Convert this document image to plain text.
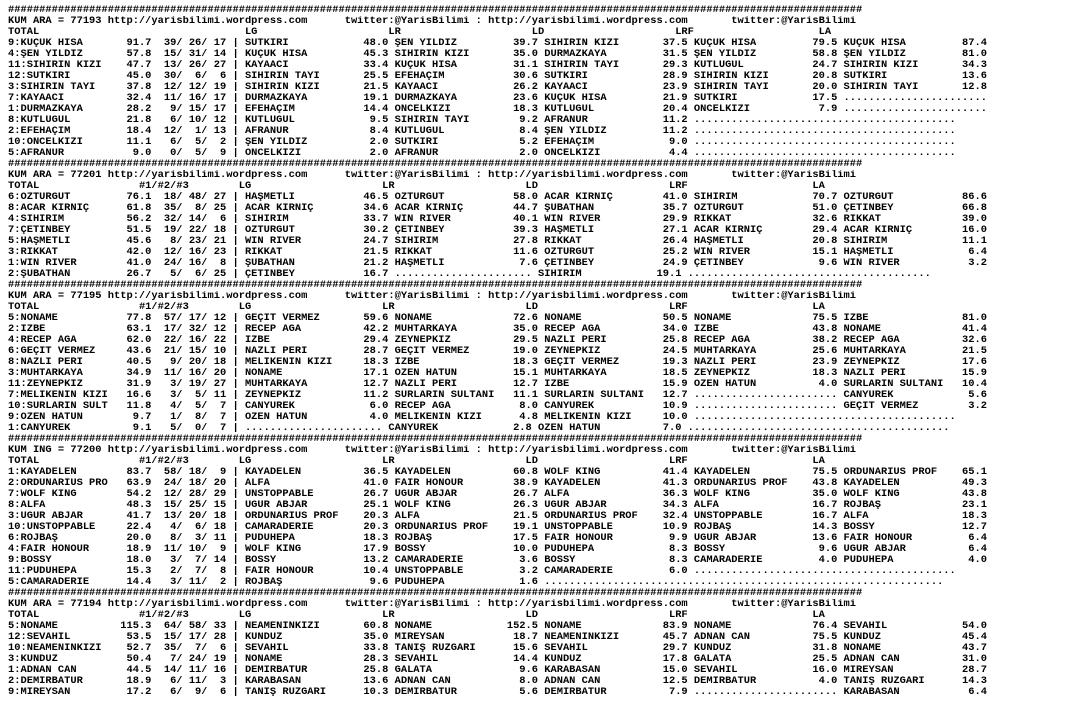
#########################################################################################################################################
KUM ARA = 77193 http://yarisbilimi.wordpress.com      twitter:@YarisBilimi : http://yarisbilimi.wordpress.com       twitter:@YarisBilimi
TOTAL                                 LG                     LR                     LD                     LRF                    LA
9:KÜÇÜK HISA       91.7  39/ 26/ 17 | SÜTKIRI            48.0 ŞEN YILDIZ         39.7 SİHİRİN KIZI       37.5 KÜÇÜK HISA         79.5 KÜÇÜK HISA         87.4
4:ŞEN YILDIZ       57.8  15/ 31/ 14 | KÜÇÜK HISA         45.3 SİHİRİN KIZI       35.0 DURMAZKAYA         31.5 ŞEN YILDIZ         58.8 ŞEN YILDIZ         81.0
11:SİHİRİN KIZI    47.7  13/ 26/ 27 | KAYAACI            33.4 KÜÇÜK HISA         31.1 SİHİRİN TAYI       29.3 KUTLUGÜL           24.7 SİHİRİN KIZI       34.3
12:SÜTKIRI         45.0  30/  6/  6 | SİHİRİN TAYI       25.5 EFEHAÇIM           30.6 SÜTKIRI            28.9 SİHİRİN KIZI       20.8 SÜTKIRI            13.6
3:SİHİRİN TAYI     37.8  12/ 12/ 19 | SİHİRİN KIZI       21.5 KAYAACI            26.2 KAYAACI            23.9 SİHİRİN TAYI       20.0 SİHİRİN TAYI       12.8
7:KAYAACI          32.4  11/ 16/ 17 | DURMAZKAYA         19.1 DURMAZKAYA         23.6 KÜÇÜK HISA         21.9 SÜTKIRI            17.5 .......................
1:DURMAZKAYA       28.2   9/ 15/ 17 | EFEHAÇIM           14.4 ÖNCELKIZI          18.3 KUTLUGÜL           20.4 ÖNCELKIZI           7.9 .......................
8:KUTLUGÜL         21.8   6/ 10/ 12 | KUTLUGÜL            9.5 SİHİRİN TAYI        9.2 AFRANUR            11.2 ..........................................
2:EFEHAÇIM         18.4  12/  1/ 13 | AFRANUR             8.4 KUTLUGÜL            8.4 ŞEN YILDIZ         11.2 ..........................................
10:ÖNCELKIZI       11.1   6/  5/  2 | ŞEN YILDIZ          2.0 SÜTKIRI             5.2 EFEHAÇIM            9.0 ..........................................
5:AFRANUR           9.0   0/  5/  9 | ÖNCELKIZI           2.0 AFRANUR             2.0 ÖNCELKIZI           4.4 ..........................................
#########################################################################################################################################
KUM ARA = 77201 http://yarisbilimi.wordpress.com      twitter:@YarisBilimi : http://yarisbilimi.wordpress.com       twitter:@YarisBilimi
TOTAL                #1/#2/#3        LG                     LR                     LD                     LRF                    LA
6:ÖZTURGUT         76.1  18/ 48/ 27 | HAŞMETLİ           46.5 ÖZTURGUT           58.0 ACAR KIRNIÇ        41.0 SİHİRİM            70.7 ÖZTURGUT           86.6
8:ACAR KIRNIÇ      61.8  35/  8/ 25 | ACAR KIRNIÇ        34.6 ACAR KIRNIÇ        44.7 ŞUBATHAN           35.7 ÖZTURGUT           51.0 ÇETİNBEY           66.8
4:SİHİRİM          56.2  32/ 14/  6 | SİHİRİM            33.7 WIN RIVER          40.1 WIN RIVER          29.9 RİKKAT             32.6 RİKKAT             39.0
7:ÇETİNBEY         51.5  19/ 22/ 18 | ÖZTURGUT           30.2 ÇETİNBEY           39.3 HAŞMETLİ           27.1 ACAR KIRNIÇ        29.4 ACAR KIRNIÇ        16.0
5:HAŞMETLİ         45.6   8/ 23/ 21 | WIN RIVER          24.7 SİHİRİM            27.8 RİKKAT             26.4 HAŞMETLİ           20.8 SİHİRİM            11.1
3:RİKKAT           42.0  12/ 16/ 23 | RİKKAT             21.5 RİKKAT             11.6 ÖZTURGUT           25.2 WIN RIVER          15.1 HAŞMETLİ            6.4
1:WIN RIVER        41.0  24/ 16/  8 | ŞUBATHAN           21.2 HAŞMETLİ            7.6 ÇETİNBEY           24.9 ÇETİNBEY            9.6 WIN RIVER           3.2
2:ŞUBATHAN         26.7   5/  6/ 25 | ÇETİNBEY           16.7 ...................... SİHİRİM            19.1 .......................................
#########################################################################################################################################
KUM ARA = 77195 http://yarisbilimi.wordpress.com      twitter:@YarisBilimi : http://yarisbilimi.wordpress.com       twitter:@YarisBilimi
TOTAL                #1/#2/#3        LG                     LR                     LD                     LRF                    LA
5:NONAME           77.8  57/ 17/ 12 | GEÇİT VERMEZ       59.6 NONAME             72.6 NONAME             50.5 NONAME             75.5 İZBE               81.0
2:İZBE             63.1  17/ 32/ 12 | RECEP AĞA          42.2 MUHTARKAYA         35.0 RECEP AĞA          34.0 İZBE               43.8 NONAME             41.4
4:RECEP AĞA        62.0  22/ 16/ 22 | İZBE               29.4 ZEYNEPKIZ          29.5 NAZLI PERİ         25.8 RECEP AĞA          38.2 RECEP AĞA          32.6
6:GEÇİT VERMEZ     43.6  21/ 15/ 10 | NAZLI PERİ         28.7 GEÇİT VERMEZ       19.0 ZEYNEPKIZ          24.5 MUHTARKAYA         25.6 MUHTARKAYA         21.5
8:NAZLI PERİ       40.5   9/ 20/ 18 | MELİKENİN KIZI     18.3 İZBE               18.3 GEÇİT VERMEZ       19.3 NAZLI PERİ         23.9 ZEYNEPKIZ          17.6
3:MUHTARKAYA       34.9  11/ 16/ 20 | NONAME             17.1 ÖZEN HATUN         15.1 MUHTARKAYA         18.5 ZEYNEPKIZ          18.3 NAZLI PERİ         15.9
11:ZEYNEPKIZ       31.9   3/ 19/ 27 | MUHTARKAYA         12.7 NAZLI PERİ         12.7 İZBE               15.9 ÖZEN HATUN          4.0 SURLARIN SULTANI   10.4
7:MELİKENİN KIZI   16.6   3/  5/ 11 | ZEYNEPKIZ          11.2 SURLARIN SULTANI   11.1 SURLARIN SULTANI   12.7 ....................... CANYÜREK            5.6
10:SURLARIN SULT   11.8   4/  5/  7 | CANYÜREK            6.0 RECEP AĞA           8.0 CANYÜREK           10.9 ....................... GEÇİT VERMEZ        3.2
9:ÖZEN HATUN        9.7   1/  8/  7 | ÖZEN HATUN          4.0 MELİKENİN KIZI      4.8 MELİKENİN KIZI     10.0 ..........................................
1:CANYÜREK          9.1   5/  0/  7 | ...................... CANYÜREK            2.8 ÖZEN HATUN          7.0 ..........................................
#########################################################################################################################################
KUM ING = 77200 http://yarisbilimi.wordpress.com      twitter:@YarisBilimi : http://yarisbilimi.wordpress.com       twitter:@YarisBilimi
TOTAL                #1/#2/#3        LG                     LR                     LD                     LRF                    LA
1:KAYADELEN        83.7  58/ 18/  9 | KAYADELEN          36.5 KAYADELEN          60.8 WOLF KING          41.4 KAYADELEN          75.5 ORDUNARIUS PROF    65.1
2:ORDUNARIUS PRO   63.9  24/ 18/ 20 | ALFA               41.0 FAİR HONOUR        38.9 KAYADELEN          41.3 ORDUNARIUS PROF    43.8 KAYADELEN          49.3
7:WOLF KING        54.2  12/ 28/ 29 | UNSTOPPABLE        26.7 UĞUR ABJAR         26.7 ALFA               36.3 WOLF KING          35.0 WOLF KING          43.8
8:ALFA             48.3  15/ 25/ 15 | UĞUR ABJAR         25.1 WOLF KING          26.3 UĞUR ABJAR         34.3 ALFA               16.7 ROJBAŞ             23.1
3:UĞUR ABJAR       41.7  13/ 20/ 18 | ORDUNARIUS PROF    20.3 ALFA               21.5 ORDUNARIUS PROF    32.4 UNSTOPPABLE        16.7 ALFA               18.3
10:UNSTOPPABLE     22.4   4/  6/ 18 | CAMARADERIE        20.3 ORDUNARIUS PROF    19.1 UNSTOPPABLE        10.9 ROJBAŞ             14.3 BOSSY              12.7
6:ROJBAŞ           20.0   8/  3/ 11 | PUDUHEPA           18.3 ROJBAŞ             17.5 FAİR HONOUR         9.9 UĞUR ABJAR         13.6 FAİR HONOUR         6.4
4:FAİR HONOUR      18.9  11/ 10/  9 | WOLF KING          17.9 BOSSY              10.0 PUDUHEPA            8.3 BOSSY               9.6 UĞUR ABJAR          6.4
9:BOSSY            18.0   3/  7/ 14 | BOSSY              13.2 CAMARADERIE         3.6 BOSSY               8.3 CAMARADERIE         4.0 PUDUHEPA            4.0
11:PUDUHEPA        15.3   2/  7/  8 | FAİR HONOUR        10.4 UNSTOPPABLE         3.2 CAMARADERIE         6.0 ..........................................
5:CAMARADERIE      14.4   3/ 11/  2 | ROJBAŞ              9.6 PUDUHEPA            1.6 ................................................................
#########################################################################################################################################
KUM ARA = 77194 http://yarisbilimi.wordpress.com      twitter:@YarisBilimi : http://yarisbilimi.wordpress.com       twitter:@YarisBilimi
TOTAL                #1/#2/#3        LG                     LR                     LD                     LRF                    LA
5:NONAME          115.3  64/ 58/ 33 | NEAMENİNKIZI       60.8 NONAME            152.5 NONAME             83.9 NONAME             76.4 SEVAHİL            54.0
12:SEVAHİL         53.5  15/ 17/ 28 | KUNDUZ             35.0 MİREYSAN           18.7 NEAMENİNKIZI       45.7 ADNAN CAN          75.5 KUNDUZ             45.4
10:NEAMENİNKIZI    52.7  35/  7/  6 | SEVAHİL            33.8 TANIŞ RÜZGARI      15.6 SEVAHİL            29.7 KUNDUZ             31.8 NONAME             43.7
3:KUNDUZ           50.4   7/ 24/ 19 | NONAME             28.3 SEVAHİL            14.4 KUNDUZ             17.8 GALATA             25.5 ADNAN CAN          31.0
1:ADNAN CAN        44.5  14/ 11/ 16 | DEMİRBATUR         25.8 GALATA              9.6 KARABASAN          15.0 SEVAHİL            16.0 MİREYSAN           28.7
2:DEMİRBATUR       18.9   6/ 11/  3 | KARABASAN          13.6 ADNAN CAN           8.0 ADNAN CAN          12.5 DEMİRBATUR          4.0 TANIŞ RÜZGARI      14.3
9:MİREYSAN         17.2   6/  9/  6 | TANIŞ RÜZGARI      10.3 DEMİRBATUR          5.6 DEMİRBATUR          7.9 ....................... KARABASAN           6.4
